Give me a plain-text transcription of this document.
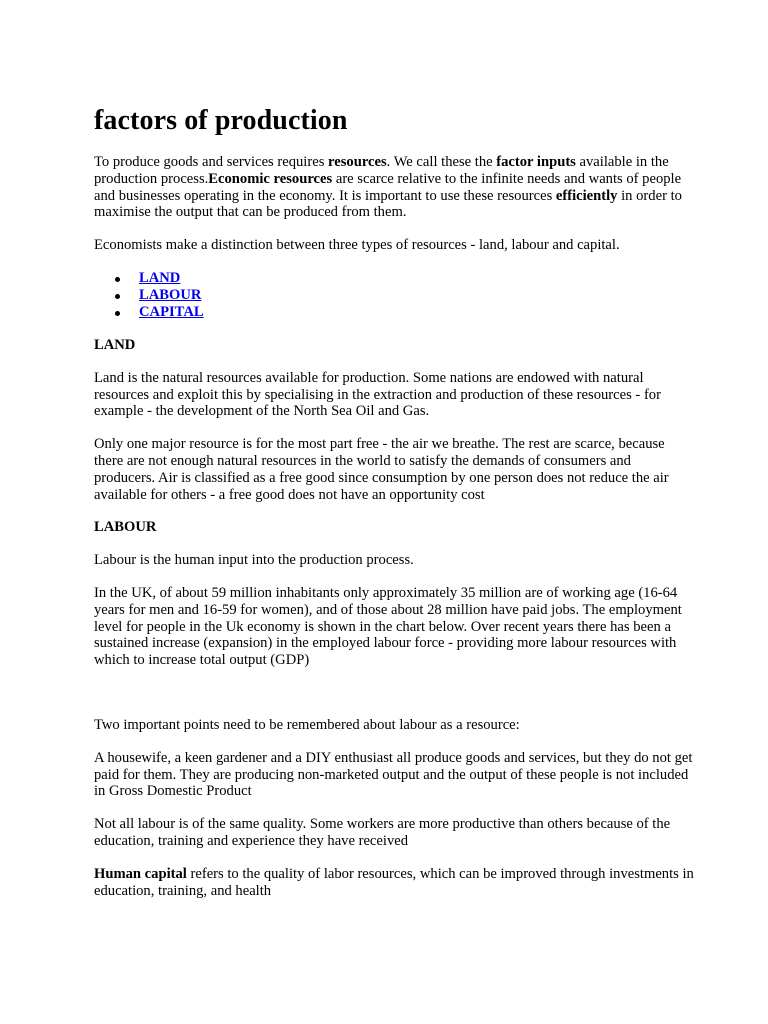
factors of production

To produce goods and services requires resources. We call these the factor inputs available in the production process.Economic resources are scarce relative to the infinite needs and wants of people and businesses operating in the economy. It is important to use these resources efficiently in order to maximise the output that can be produced from them.

Economists make a distinction between three types of resources - land, labour and capital.

LAND
LABOUR
CAPITAL

LAND

Land is the natural resources available for production. Some nations are endowed with natural resources and exploit this by specialising in the extraction and production of these resources - for example - the development of the North Sea Oil and Gas.

Only one major resource is for the most part free - the air we breathe. The rest are scarce, because there are not enough natural resources in the world to satisfy the demands of consumers and producers. Air is classified as a free good since consumption by one person does not reduce the air available for others - a free good does not have an opportunity cost

LABOUR

Labour is the human input into the production process.

In the UK, of about 59 million inhabitants only approximately 35 million are of working age (16-64 years for men and 16-59 for women), and of those about 28 million have paid jobs. The employment level for people in the Uk economy is shown in the chart below. Over recent years there has been a sustained increase (expansion) in the employed labour force - providing more labour resources with which to increase total output (GDP)

Two important points need to be remembered about labour as a resource:

A housewife, a keen gardener and a DIY enthusiast all produce goods and services, but they do not get paid for them. They are producing non-marketed output and the output of these people is not included in Gross Domestic Product

Not all labour is of the same quality. Some workers are more productive than others because of the education, training and experience they have received

Human capital refers to the quality of labor resources, which can be improved through investments in education, training, and health
